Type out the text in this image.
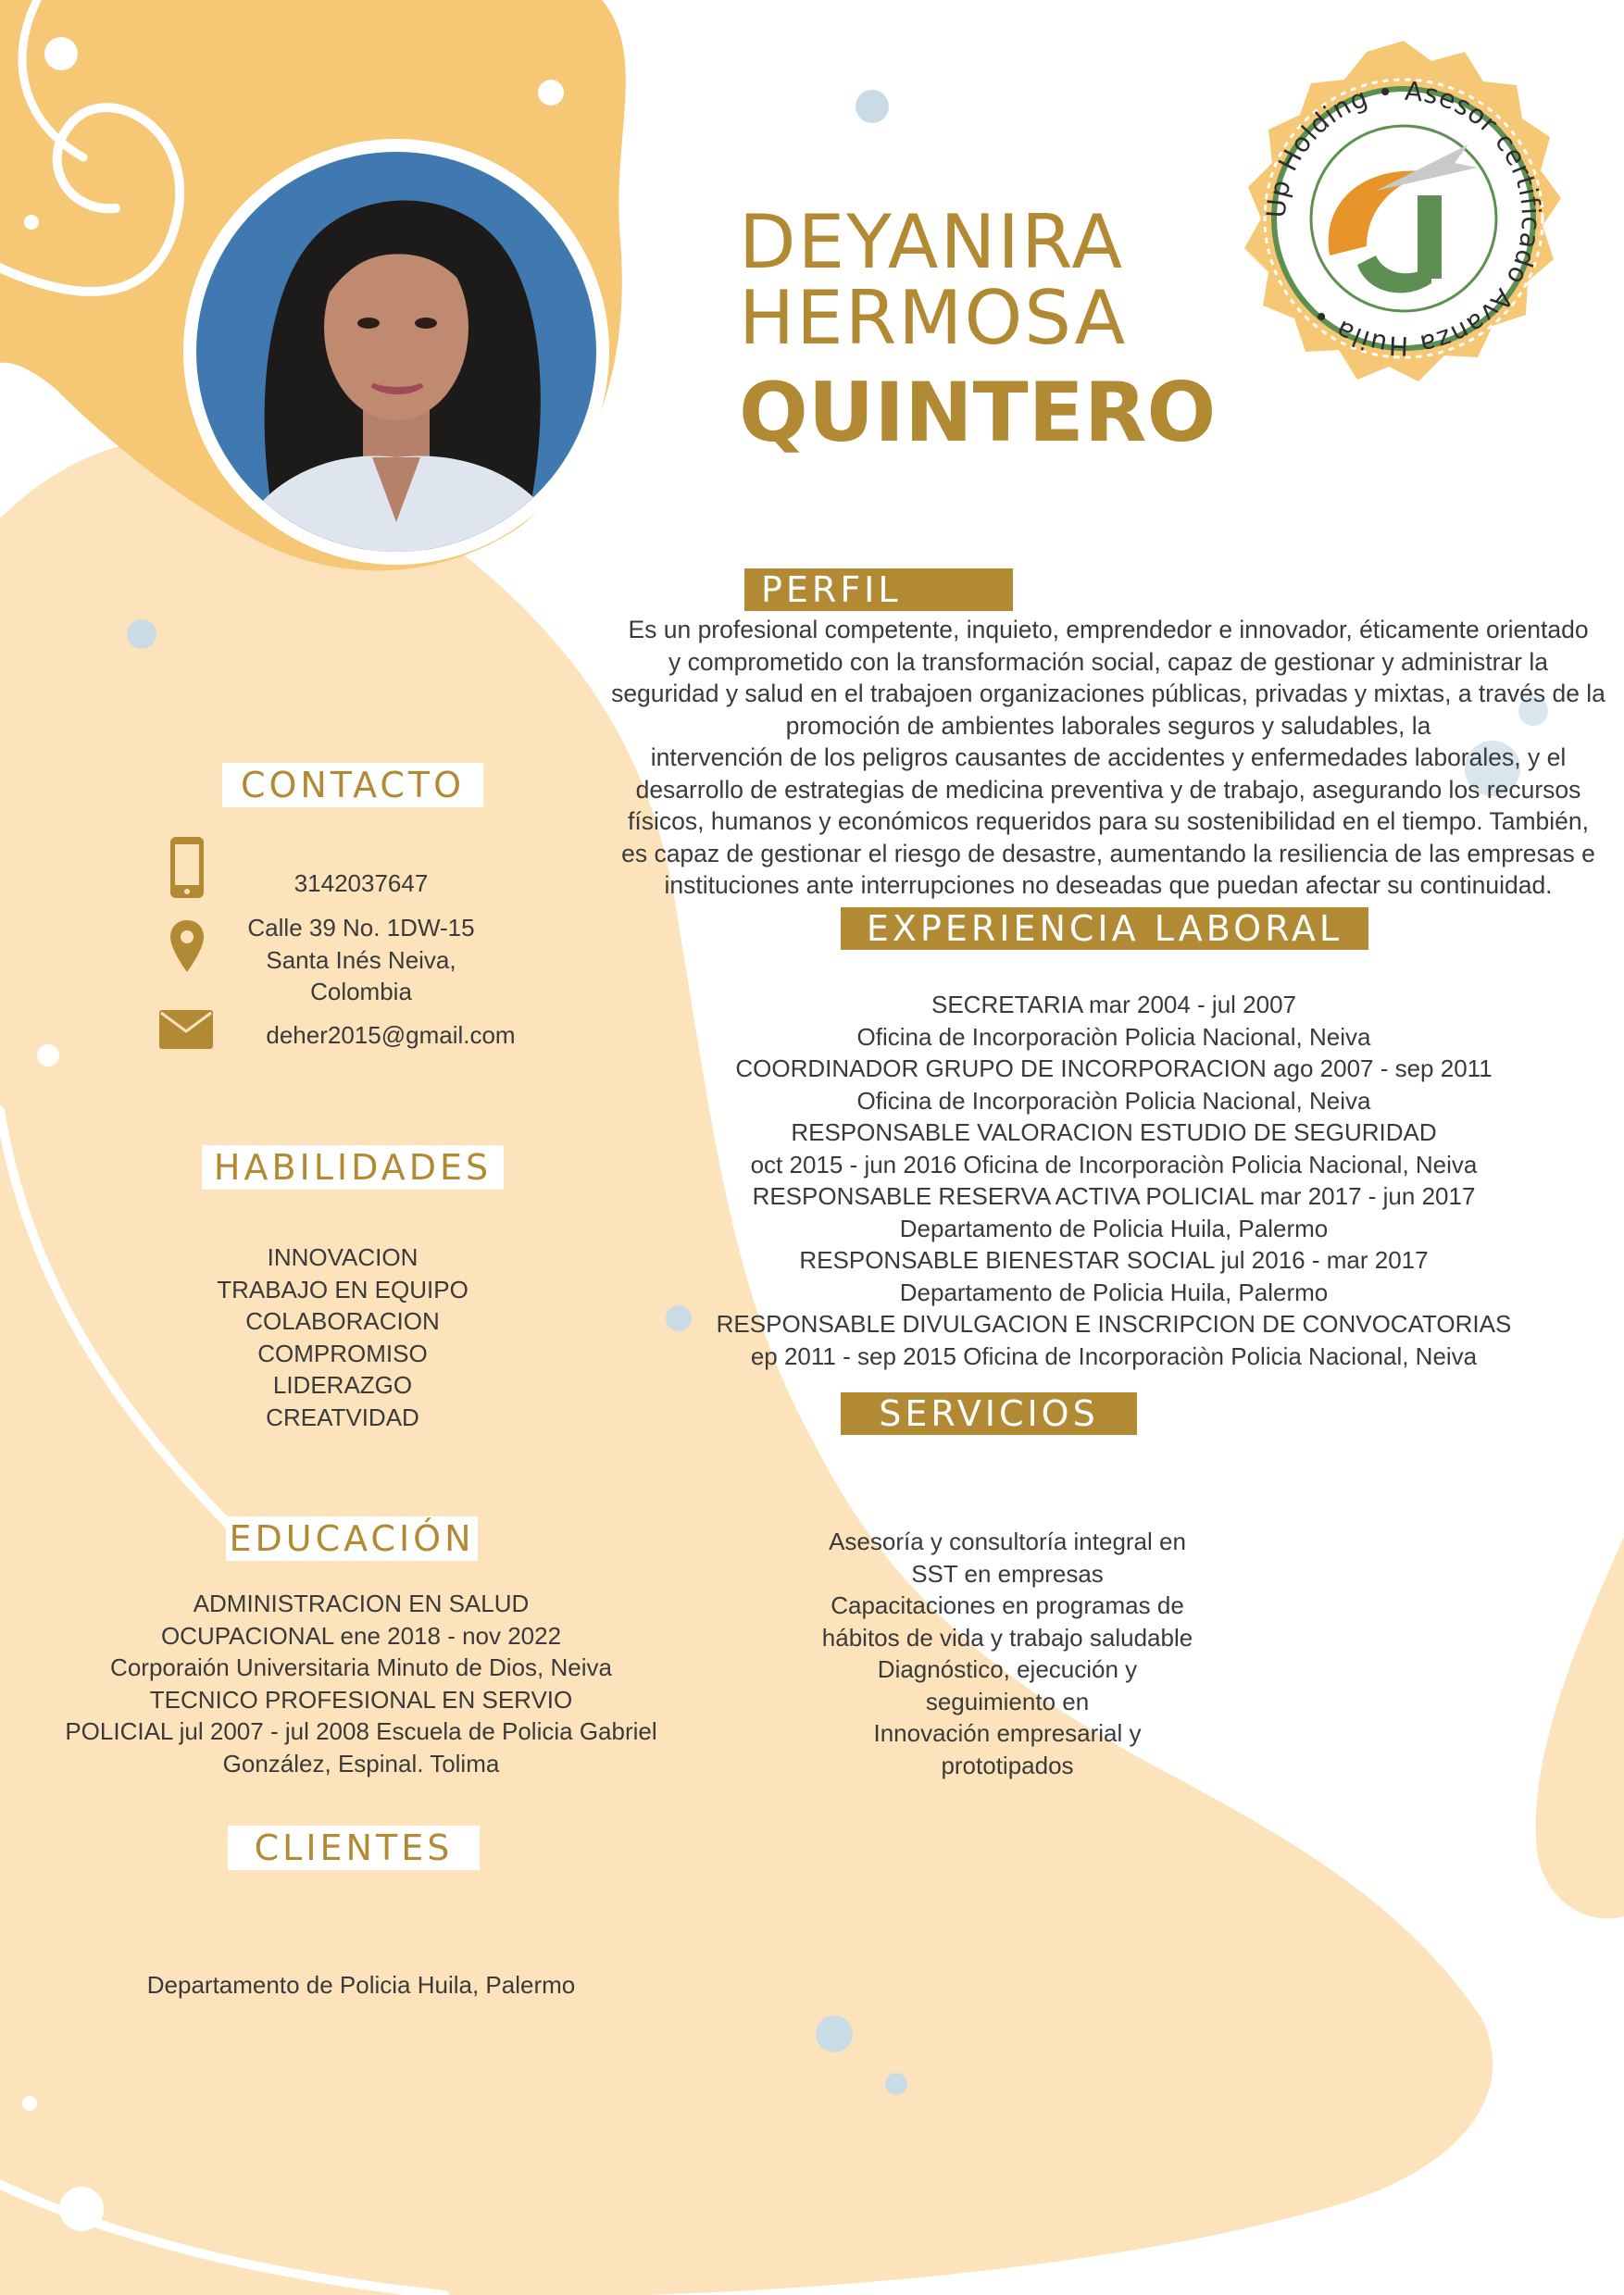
DEYANIRA
HERMOSA
QUINTERO
Up Holding • Asesor certificado Avanza Huila •
PERFIL
Es un profesional competente, inquieto, emprendedor e innovador, éticamente orientado
y comprometido con la transformación social, capaz de gestionar y administrar la
seguridad y salud en el trabajoen organizaciones públicas, privadas y mixtas, a través de la
promoción de ambientes laborales seguros y saludables, la
intervención de los peligros causantes de accidentes y enfermedades laborales, y el
desarrollo de estrategias de medicina preventiva y de trabajo, asegurando los recursos
físicos, humanos y económicos requeridos para su sostenibilidad en el tiempo. También,
es capaz de gestionar el riesgo de desastre, aumentando la resiliencia de las empresas e
instituciones ante interrupciones no deseadas que puedan afectar su continuidad.
EXPERIENCIA LABORAL
SECRETARIA mar 2004 - jul 2007
Oficina de Incorporaciòn Policia Nacional, Neiva
COORDINADOR GRUPO DE INCORPORACION ago 2007 - sep 2011
Oficina de Incorporaciòn Policia Nacional, Neiva
RESPONSABLE VALORACION ESTUDIO DE SEGURIDAD
oct 2015 - jun 2016 Oficina de Incorporaciòn Policia Nacional, Neiva
RESPONSABLE RESERVA ACTIVA POLICIAL mar 2017 - jun 2017
Departamento de Policia Huila, Palermo
RESPONSABLE BIENESTAR SOCIAL jul 2016 - mar 2017
Departamento de Policia Huila, Palermo
RESPONSABLE DIVULGACION E INSCRIPCION DE CONVOCATORIAS
ep 2011 - sep 2015 Oficina de Incorporaciòn Policia Nacional, Neiva
SERVICIOS
Asesoría y consultoría integral en
SST en empresas
Capacitaciones en programas de
hábitos de vida y trabajo saludable
Diagnóstico, ejecución y
seguimiento en
Innovación empresarial y
prototipados
CONTACTO
3142037647
Calle 39 No. 1DW-15
Santa Inés Neiva,
Colombia
deher2015@gmail.com
HABILIDADES
INNOVACION
TRABAJO EN EQUIPO
COLABORACION
COMPROMISO
LIDERAZGO
CREATVIDAD
EDUCACIÓN
ADMINISTRACION EN SALUD
OCUPACIONAL ene 2018 - nov 2022
Corporaión Universitaria Minuto de Dios, Neiva
TECNICO PROFESIONAL EN SERVIO
POLICIAL jul 2007 - jul 2008 Escuela de Policia Gabriel
González, Espinal. Tolima
CLIENTES
Departamento de Policia Huila, Palermo
